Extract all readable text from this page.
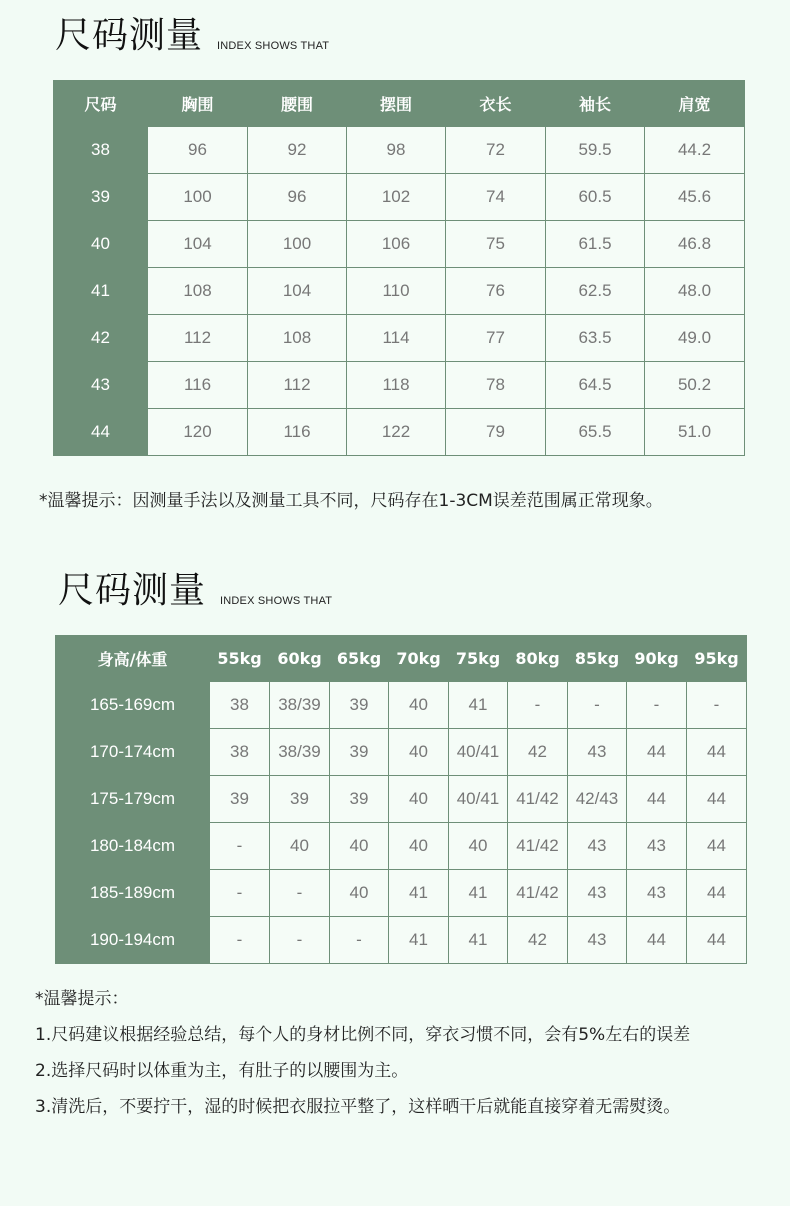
尺码测量 INDEX SHOWS THAT
尺码	胸围	腰围	摆围	衣长	袖长	肩宽
38	96	92	98	72	59.5	44.2
39	100	96	102	74	60.5	45.6
40	104	100	106	75	61.5	46.8
41	108	104	110	76	62.5	48.0
42	112	108	114	77	63.5	49.0
43	116	112	118	78	64.5	50.2
44	120	116	122	79	65.5	51.0
*温馨提示：因测量手法以及测量工具不同，尺码存在1-3CM误差范围属正常现象。
尺码测量 INDEX SHOWS THAT
身高/体重	55kg	60kg	65kg	70kg	75kg	80kg	85kg	90kg	95kg
165-169cm	38	38/39	39	40	41	-	-	-	-
170-174cm	38	38/39	39	40	40/41	42	43	44	44
175-179cm	39	39	39	40	40/41	41/42	42/43	44	44
180-184cm	-	40	40	40	40	41/42	43	43	44
185-189cm	-	-	40	41	41	41/42	43	43	44
190-194cm	-	-	-	41	41	42	43	44	44
*温馨提示：
1.尺码建议根据经验总结，每个人的身材比例不同，穿衣习惯不同，会有5%左右的误差
2.选择尺码时以体重为主，有肚子的以腰围为主。
3.清洗后，不要拧干，湿的时候把衣服拉平整了，这样晒干后就能直接穿着无需熨烫。
